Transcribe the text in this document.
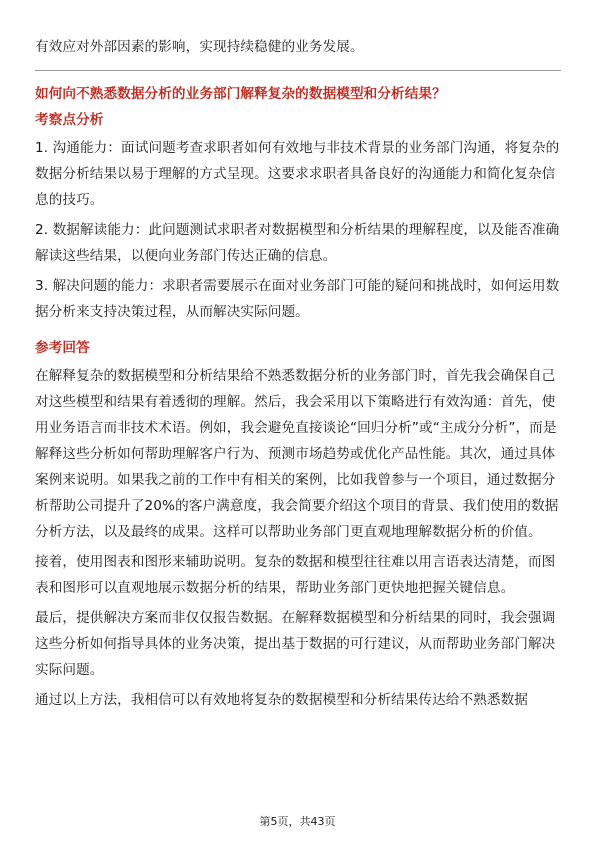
有效应对外部因素的影响，实现持续稳健的业务发展。

如何向不熟悉数据分析的业务部门解释复杂的数据模型和分析结果？

考察点分析

1. 沟通能力：面试问题考查求职者如何有效地与非技术背景的业务部门沟通，将复杂的数据分析结果以易于理解的方式呈现。这要求求职者具备良好的沟通能力和简化复杂信息的技巧。

2. 数据解读能力：此问题测试求职者对数据模型和分析结果的理解程度，以及能否准确解读这些结果，以便向业务部门传达正确的信息。

3. 解决问题的能力：求职者需要展示在面对业务部门可能的疑问和挑战时，如何运用数据分析来支持决策过程，从而解决实际问题。

参考回答

在解释复杂的数据模型和分析结果给不熟悉数据分析的业务部门时，首先我会确保自己对这些模型和结果有着透彻的理解。然后，我会采用以下策略进行有效沟通：首先，使用业务语言而非技术术语。例如，我会避免直接谈论“回归分析”或“主成分分析”，而是解释这些分析如何帮助理解客户行为、预测市场趋势或优化产品性能。其次，通过具体案例来说明。如果我之前的工作中有相关的案例，比如我曾参与一个项目，通过数据分析帮助公司提升了20%的客户满意度，我会简要介绍这个项目的背景、我们使用的数据分析方法，以及最终的成果。这样可以帮助业务部门更直观地理解数据分析的价值。

接着，使用图表和图形来辅助说明。复杂的数据和模型往往难以用言语表达清楚，而图表和图形可以直观地展示数据分析的结果，帮助业务部门更快地把握关键信息。

最后，提供解决方案而非仅仅报告数据。在解释数据模型和分析结果的同时，我会强调这些分析如何指导具体的业务决策，提出基于数据的可行建议，从而帮助业务部门解决实际问题。

通过以上方法，我相信可以有效地将复杂的数据模型和分析结果传达给不熟悉数据

第5页，共43页
